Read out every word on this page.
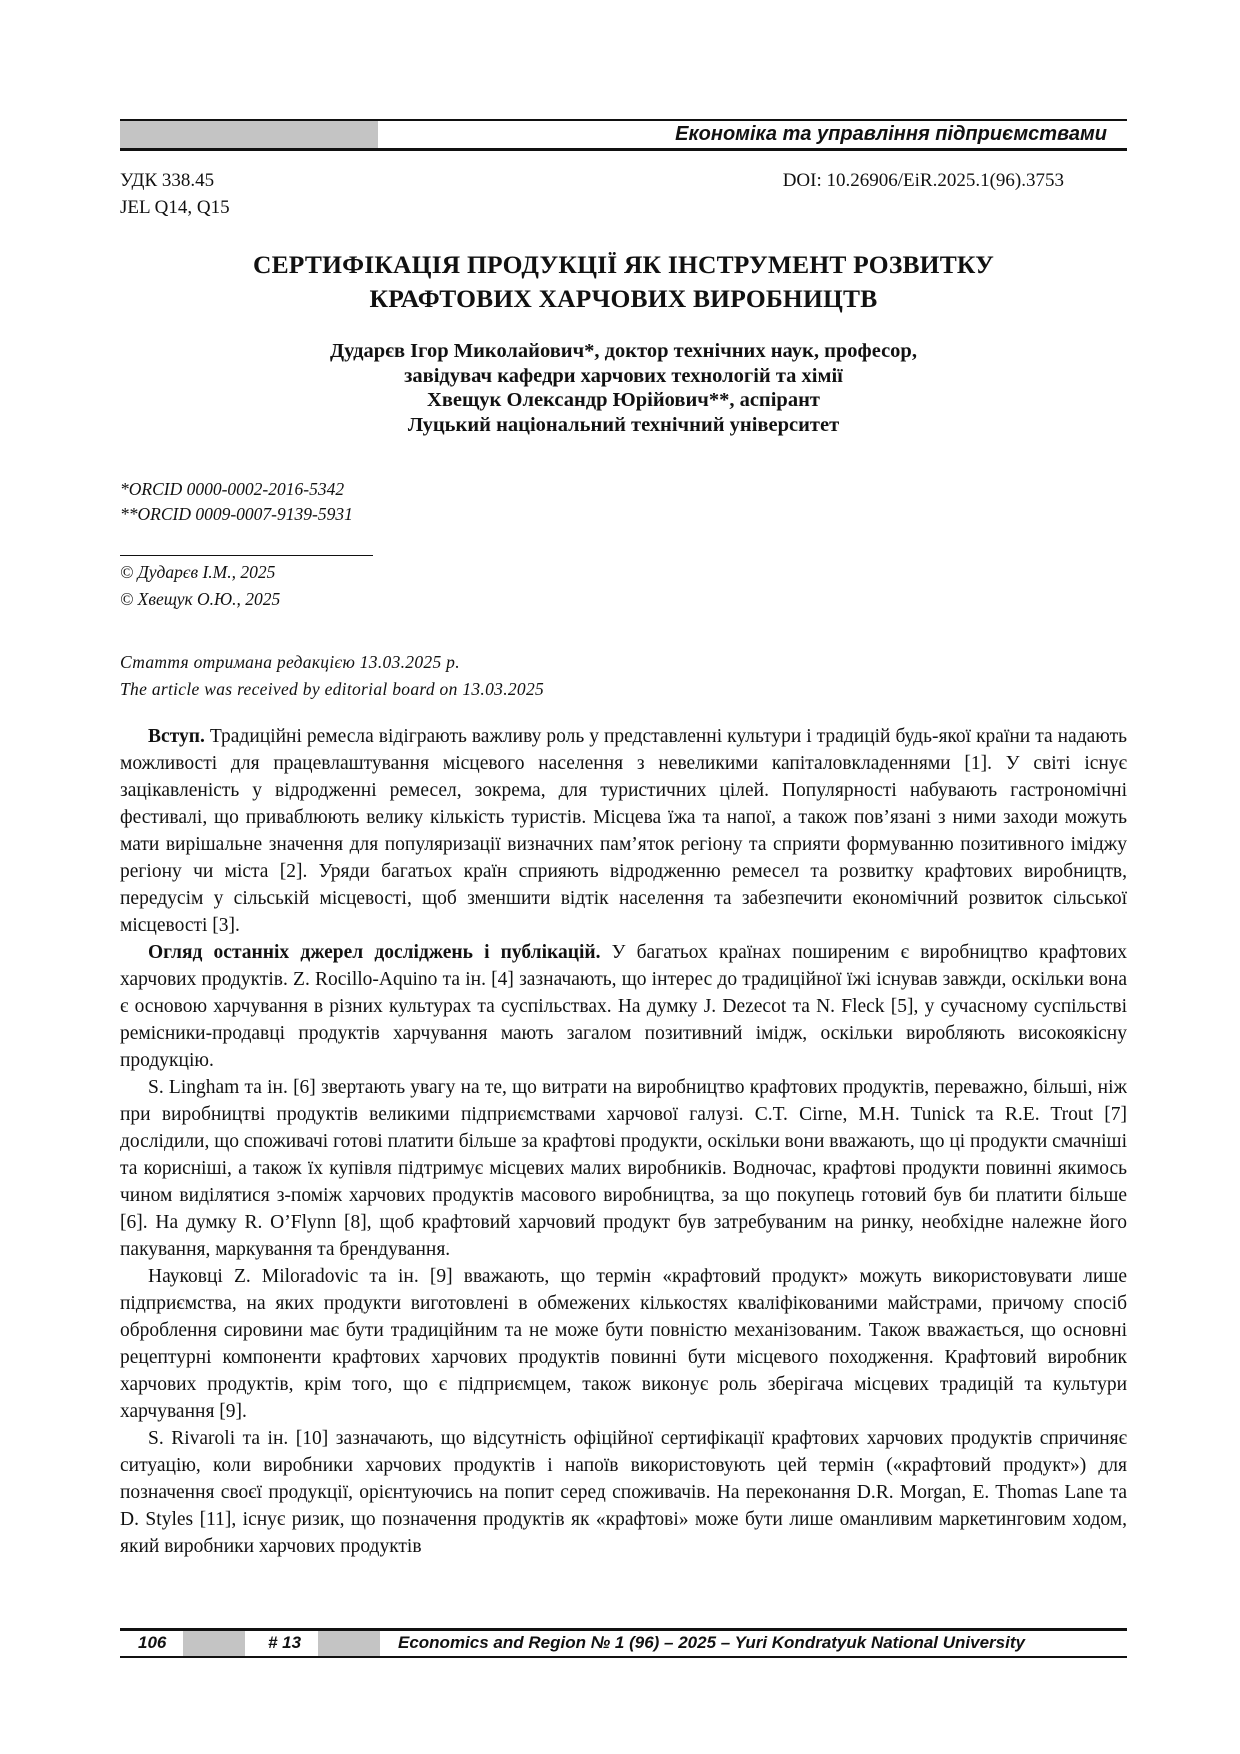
Економіка та управління підприємствами
УДК 338.45
JEL Q14, Q15
DOI: 10.26906/EiR.2025.1(96).3753
СЕРТИФІКАЦІЯ ПРОДУКЦІЇ ЯК ІНСТРУМЕНТ РОЗВИТКУ
КРАФТОВИХ ХАРЧОВИХ ВИРОБНИЦТВ
Дударєв Ігор Миколайович*, доктор технічних наук, професор,
завідувач кафедри харчових технологій та хімії
Хвещук Олександр Юрійович**, аспірант
Луцький національний технічний університет
*ORCID 0000-0002-2016-5342
**ORCID 0009-0007-9139-5931
© Дударєв І.М., 2025
© Хвещук О.Ю., 2025
Стаття отримана редакцією 13.03.2025 р.
The article was received by editorial board on 13.03.2025

Вступ. Традиційні ремесла відіграють важливу роль у представленні культури і традицій будь-якої країни та надають можливості для працевлаштування місцевого населення з невеликими капіталовкладеннями [1]. У світі існує зацікавленість у відродженні ремесел, зокрема, для туристичних цілей. Популярності набувають гастрономічні фестивалі, що приваблюють велику кількість туристів. Місцева їжа та напої, а також пов’язані з ними заходи можуть мати вирішальне значення для популяризації визначних пам’яток регіону та сприяти формуванню позитивного іміджу регіону чи міста [2]. Уряди багатьох країн сприяють відродженню ремесел та розвитку крафтових виробництв, передусім у сільській місцевості, щоб зменшити відтік населення та забезпечити економічний розвиток сільської місцевості [3].

Огляд останніх джерел досліджень і публікацій. У багатьох країнах поширеним є виробництво крафтових харчових продуктів. Z. Rocillo-Aquino та ін. [4] зазначають, що інтерес до традиційної їжі існував завжди, оскільки вона є основою харчування в різних культурах та суспільствах. На думку J. Dezecot та N. Fleck [5], у сучасному суспільстві ремісники-продавці продуктів харчування мають загалом позитивний імідж, оскільки виробляють високоякісну продукцію.

S. Lingham та ін. [6] звертають увагу на те, що витрати на виробництво крафтових продуктів, переважно, більші, ніж при виробництві продуктів великими підприємствами харчової галузі. C.T. Cirne, M.H. Tunick та R.E. Trout [7] дослідили, що споживачі готові платити більше за крафтові продукти, оскільки вони вважають, що ці продукти смачніші та корисніші, а також їх купівля підтримує місцевих малих виробників. Водночас, крафтові продукти повинні якимось чином виділятися з-поміж харчових продуктів масового виробництва, за що покупець готовий був би платити більше [6]. На думку R. O’Flynn [8], щоб крафтовий харчовий продукт був затребуваним на ринку, необхідне належне його пакування, маркування та брендування.

Науковці Z. Miloradovic та ін. [9] вважають, що термін «крафтовий продукт» можуть використовувати лише підприємства, на яких продукти виготовлені в обмежених кількостях кваліфікованими майстрами, причому спосіб оброблення сировини має бути традиційним та не може бути повністю механізованим. Також вважається, що основні рецептурні компоненти крафтових харчових продуктів повинні бути місцевого походження. Крафтовий виробник харчових продуктів, крім того, що є підприємцем, також виконує роль зберігача місцевих традицій та культури харчування [9].

S. Rivaroli та ін. [10] зазначають, що відсутність офіційної сертифікації крафтових харчових продуктів спричиняє ситуацію, коли виробники харчових продуктів і напоїв використовують цей термін («крафтовий продукт») для позначення своєї продукції, орієнтуючись на попит серед споживачів. На переконання D.R. Morgan, E. Thomas Lane та D. Styles [11], існує ризик, що позначення продуктів як «крафтові» може бути лише оманливим маркетинговим ходом, який виробники харчових продуктів

106	# 13	Economics and Region № 1 (96) – 2025 – Yuri Kondratyuk National University
